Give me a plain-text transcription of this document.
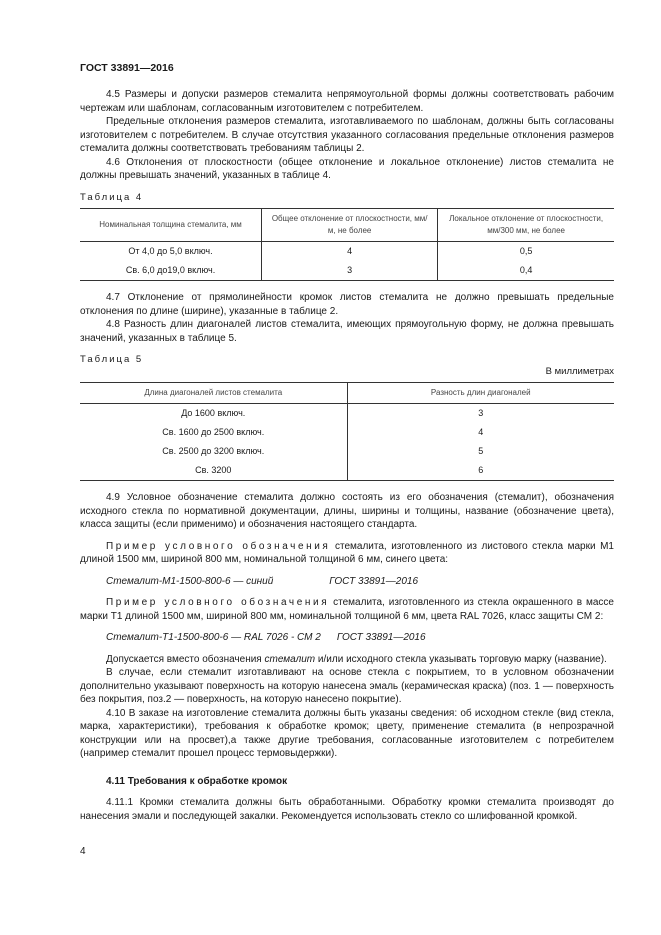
ГОСТ 33891—2016

4.5 Размеры и допуски размеров стемалита непрямоугольной формы должны соответствовать рабочим чертежам или шаблонам, согласованным изготовителем с потребителем.

Предельные отклонения размеров стемалита, изготавливаемого по шаблонам, должны быть согласованы изготовителем с потребителем. В случае отсутствия указанного согласования предельные отклонения размеров стемалита должны соответствовать требованиям таблицы 2.

4.6 Отклонения от плоскостности (общее отклонение и локальное отклонение) листов стемалита не должны превышать значений, указанных в таблице 4.

Таблица 4

Номинальная толщина стемалита, мм	Общее отклонение от плоскостности, мм/м, не более	Локальное отклонение от плоскостности, мм/300 мм, не более
От 4,0 до 5,0 включ.	4	0,5
Св. 6,0 до19,0 включ.	3	0,4

4.7 Отклонение от прямолинейности кромок листов стемалита не должно превышать предельные отклонения по длине (ширине), указанные в таблице 2.

4.8 Разность длин диагоналей листов стемалита, имеющих прямоугольную форму, не должна превышать значений, указанных в таблице 5.

Таблица 5

В миллиметрах

Длина диагоналей листов стемалита	Разность длин диагоналей
До 1600 включ.	3
Св. 1600 до 2500 включ.	4
Св. 2500 до 3200 включ.	5
Св. 3200	6

4.9 Условное обозначение стемалита должно состоять из его обозначения (стемалит), обозначения исходного стекла по нормативной документации, длины, ширины и толщины, название (обозначение цвета), класса защиты (если применимо) и обозначения настоящего стандарта.

Пример условного обозначения стемалита, изготовленного из листового стекла марки М1 длиной 1500 мм, шириной 800 мм, номинальной толщиной 6 мм, синего цвета:

Стемалит-М1-1500-800-6 — синий	ГОСТ 33891—2016

Пример условного обозначения стемалита, изготовленного из стекла окрашенного в массе марки Т1 длиной 1500 мм, шириной 800 мм, номинальной толщиной 6 мм, цвета RAL 7026, класс защиты СМ 2:

Стемалит-Т1-1500-800-6 — RAL 7026 - СМ 2 ГОСТ 33891—2016

Допускается вместо обозначения стемалит и/или исходного стекла указывать торговую марку (название).

В случае, если стемалит изготавливают на основе стекла с покрытием, то в условном обозначении дополнительно указывают поверхность на которую нанесена эмаль (керамическая краска) (поз. 1 — поверхность без покрытия, поз.2 — поверхность, на которую нанесено покрытие).

4.10 В заказе на изготовление стемалита должны быть указаны сведения: об исходном стекле (вид стекла, марка, характеристики), требования к обработке кромок; цвету, применение стемалита (в непрозрачной конструкции или на просвет),а также другие требования, согласованные изготовителем с потребителем (например стемалит прошел процесс термовыдержки).

4.11 Требования к обработке кромок

4.11.1 Кромки стемалита должны быть обработанными. Обработку кромки стемалита производят до нанесения эмали и последующей закалки. Рекомендуется использовать стекло со шлифованной кромкой.

4
